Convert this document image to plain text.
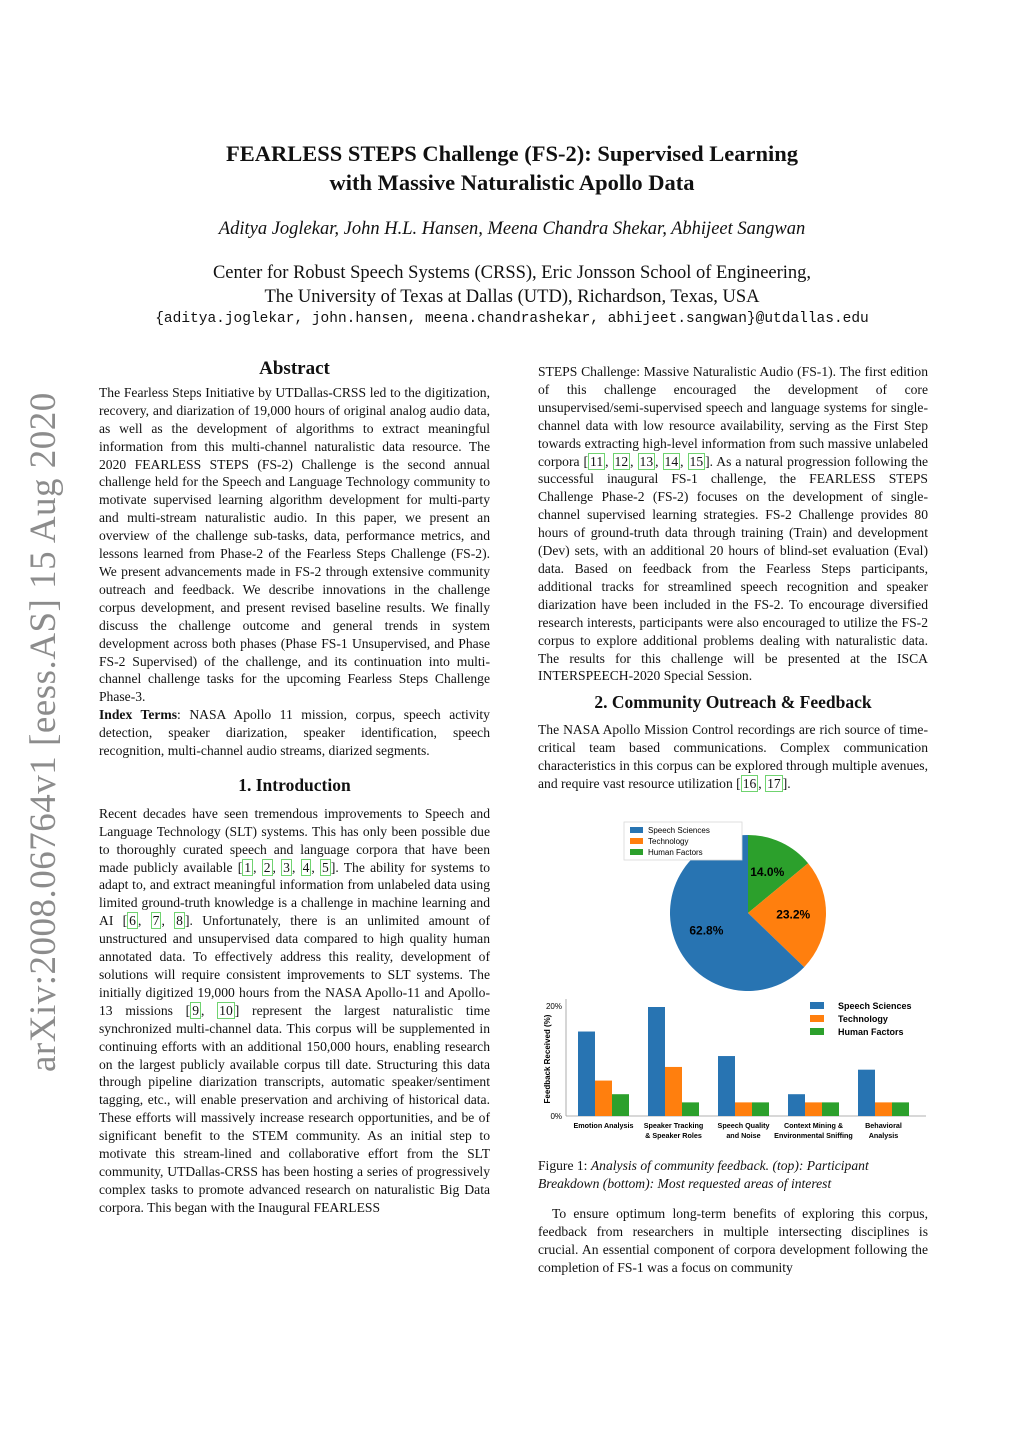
arXiv:2008.06764v1 [eess.AS] 15 Aug 2020
FEARLESS STEPS Challenge (FS-2): Supervised Learning
with Massive Naturalistic Apollo Data
Aditya Joglekar, John H.L. Hansen, Meena Chandra Shekar, Abhijeet Sangwan
Center for Robust Speech Systems (CRSS), Eric Jonsson School of Engineering,
The University of Texas at Dallas (UTD), Richardson, Texas, USA
{aditya.joglekar, john.hansen, meena.chandrashekar, abhijeet.sangwan}@utdallas.edu
Abstract

The Fearless Steps Initiative by UTDallas-CRSS led to the digitization, recovery, and diarization of 19,000 hours of original analog audio data, as well as the development of algorithms to extract meaningful information from this multi-channel naturalistic data resource. The 2020 FEARLESS STEPS (FS-2) Challenge is the second annual challenge held for the Speech and Language Technology community to motivate supervised learning algorithm development for multi-party and multi-stream naturalistic audio. In this paper, we present an overview of the challenge sub-tasks, data, performance metrics, and lessons learned from Phase-2 of the Fearless Steps Challenge (FS-2). We present advancements made in FS-2 through extensive community outreach and feedback. We describe innovations in the challenge corpus development, and present revised baseline results. We finally discuss the challenge outcome and general trends in system development across both phases (Phase FS-1 Unsupervised, and Phase FS-2 Supervised) of the challenge, and its continuation into multi-channel challenge tasks for the upcoming Fearless Steps Challenge Phase-3.

Index Terms: NASA Apollo 11 mission, corpus, speech activity detection, speaker diarization, speaker identification, speech recognition, multi-channel audio streams, diarized segments.

1. Introduction

Recent decades have seen tremendous improvements to Speech and Language Technology (SLT) systems. This has only been possible due to thoroughly curated speech and language corpora that have been made publicly available [ 1 , 2 , 3 , 4 , 5 ]. The ability for systems to adapt to, and extract meaningful information from unlabeled data using limited ground-truth knowledge is a challenge in machine learning and AI [ 6 , 7 , 8 ]. Unfortunately, there is an unlimited amount of unstructured and unsupervised data compared to high quality human annotated data. To effectively address this reality, development of solutions will require consistent improvements to SLT systems. The initially digitized 19,000 hours from the NASA Apollo-11 and Apollo-13 missions [ 9 , 10 ] represent the largest naturalistic time synchronized multi-channel data. This corpus will be supplemented in continuing efforts with an additional 150,000 hours, enabling research on the largest publicly available corpus till date. Structuring this data through pipeline diarization transcripts, automatic speaker/sentiment tagging, etc., will enable preservation and archiving of historical data. These efforts will massively increase research opportunities, and be of significant benefit to the STEM community. As an initial step to motivate this stream-lined and collaborative effort from the SLT community, UTDallas-CRSS has been hosting a series of progressively complex tasks to promote advanced research on naturalistic Big Data corpora. This began with the Inaugural FEARLESS

STEPS Challenge: Massive Naturalistic Audio (FS-1). The first edition of this challenge encouraged the development of core unsupervised/semi-supervised speech and language systems for single-channel data with low resource availability, serving as the First Step towards extracting high-level information from such massive unlabeled corpora [ 11 , 12 , 13 , 14 , 15 ]. As a natural progression following the successful inaugural FS-1 challenge, the FEARLESS STEPS Challenge Phase-2 (FS-2) focuses on the development of single-channel supervised learning strategies. FS-2 Challenge provides 80 hours of ground-truth data through training (Train) and development (Dev) sets, with an additional 20 hours of blind-set evaluation (Eval) data. Based on feedback from the Fearless Steps participants, additional tracks for streamlined speech recognition and speaker diarization have been included in the FS-2. To encourage diversified research interests, participants were also encouraged to utilize the FS-2 corpus to explore additional problems dealing with naturalistic data. The results for this challenge will be presented at the ISCA INTERSPEECH-2020 Special Session.

2. Community Outreach & Feedback

The NASA Apollo Mission Control recordings are rich source of time-critical team based communications. Complex communication characteristics in this corpus can be explored through multiple avenues, and require vast resource utilization [ 16 , 17 ].

Speech Sciences
Technology
Human Factors
62.8%
23.2%
14.0%
Feedback Received (%)
20%
0%
Emotion Analysis Speaker Tracking
& Speaker Roles
Speech Quality
and Noise
Context Mining &
Environmental Sniffing
Behavioral
Analysis
Speech Sciences
Technology
Human Factors
Figure 1: Analysis of community feedback. (top): Participant Breakdown (bottom): Most requested areas of interest

To ensure optimum long-term benefits of exploring this corpus, feedback from researchers in multiple intersecting disciplines is crucial. An essential component of corpora development following the completion of FS-1 was a focus on community
